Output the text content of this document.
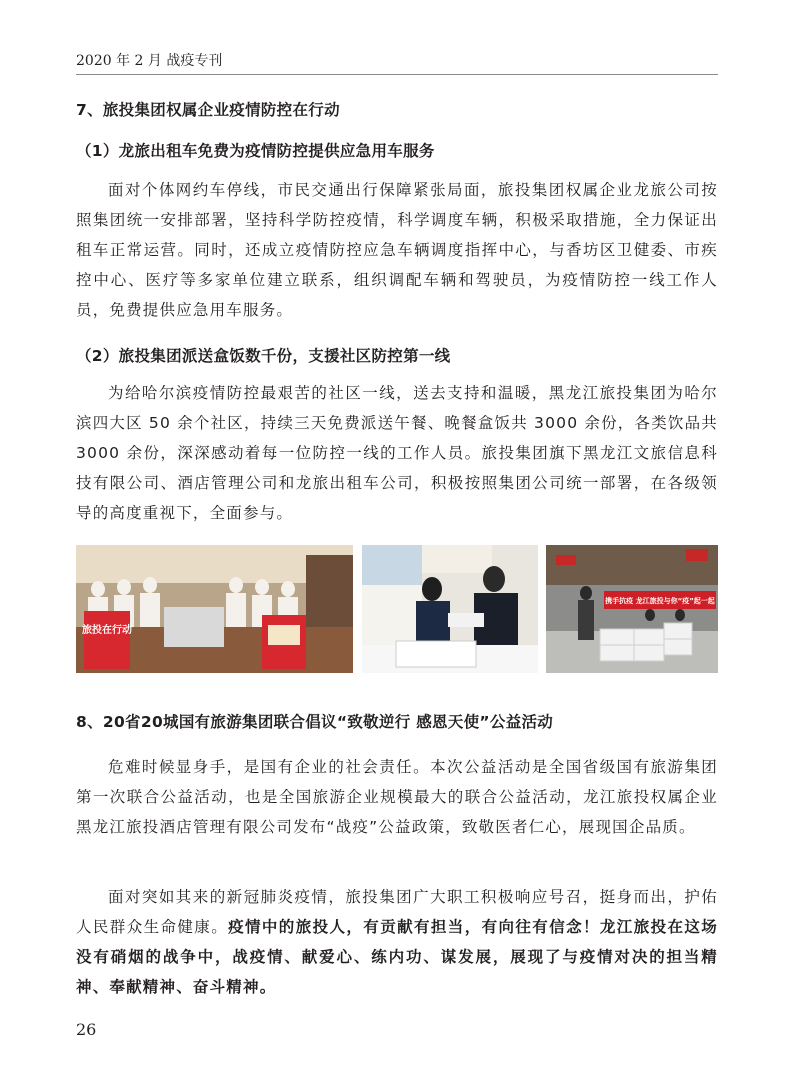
2020 年 2 月 战疫专刊
7、旅投集团权属企业疫情防控在行动
（1）龙旅出租车免费为疫情防控提供应急用车服务

面对个体网约车停线，市民交通出行保障紧张局面，旅投集团权属企业龙旅公司按照集团统一安排部署，坚持科学防控疫情，科学调度车辆，积极采取措施，全力保证出租车正常运营。同时，还成立疫情防控应急车辆调度指挥中心，与香坊区卫健委、市疾控中心、医疗等多家单位建立联系，组织调配车辆和驾驶员，为疫情防控一线工作人员，免费提供应急用车服务。

（2）旅投集团派送盒饭数千份，支援社区防控第一线

为给哈尔滨疫情防控最艰苦的社区一线，送去支持和温暖，黑龙江旅投集团为哈尔滨四大区 50 余个社区，持续三天免费派送午餐、晚餐盒饭共 3000 余份，各类饮品共 3000 余份，深深感动着每一位防控一线的工作人员。旅投集团旗下黑龙江文旅信息科技有限公司、酒店管理公司和龙旅出租车公司，积极按照集团公司统一部署，在各级领导的高度重视下，全面参与。

旅投在行动
携手抗疫 龙江旅投与你“疫”起一起
8、20省20城国有旅游集团联合倡议“致敬逆行 感恩天使”公益活动

危难时候显身手，是国有企业的社会责任。本次公益活动是全国省级国有旅游集团第一次联合公益活动，也是全国旅游企业规模最大的联合公益活动，龙江旅投权属企业黑龙江旅投酒店管理有限公司发布“战疫”公益政策，致敬医者仁心，展现国企品质。

面对突如其来的新冠肺炎疫情，旅投集团广大职工积极响应号召，挺身而出，护佑人民群众生命健康。疫情中的旅投人，有贡献有担当，有向往有信念！龙江旅投在这场没有硝烟的战争中，战疫情、献爱心、练内功、谋发展，展现了与疫情对决的担当精神、奉献精神、奋斗精神。

26
